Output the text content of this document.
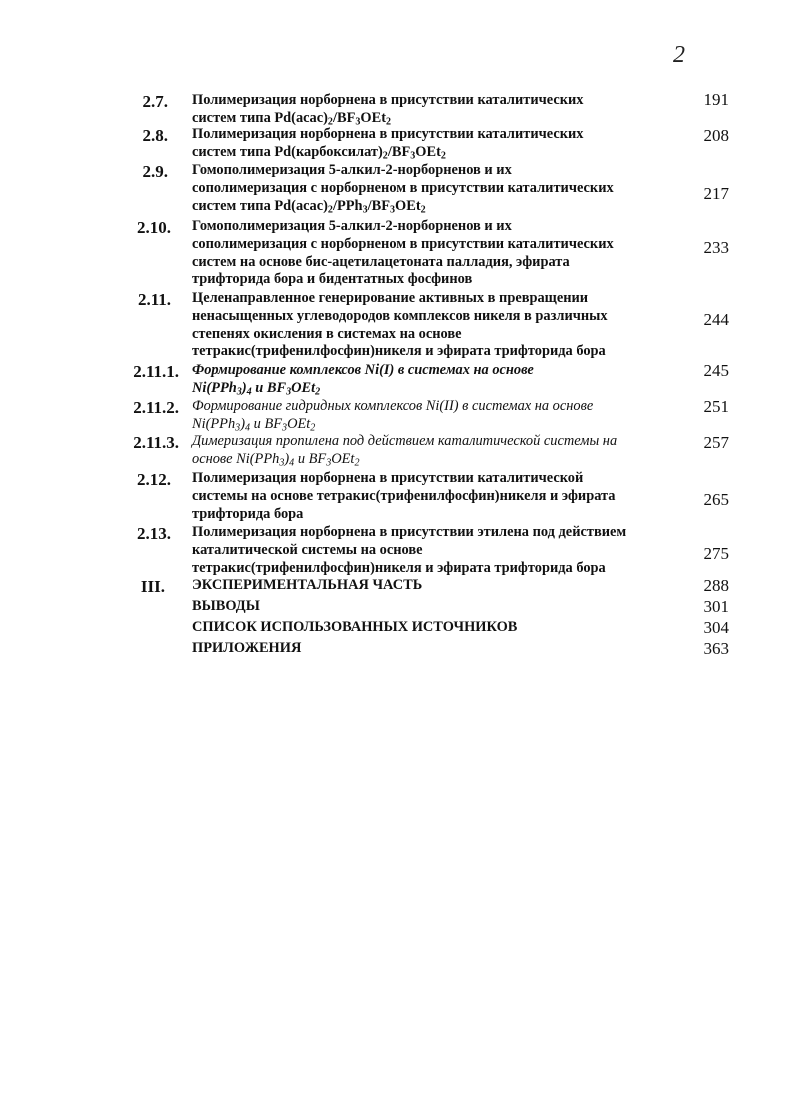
2
2.7. Полимеризация норборнена в присутствии каталитических
систем типа $Pd(acac)_2/BF_3OEt_2$
191
2.8. Полимеризация норборнена в присутствии каталитических
систем типа $Pd(карбоксилат)_2/BF_3OEt_2$
208
2.9. Гомополимеризация 5-алкил-2-норборненов и их
сополимеризация с норборненом в присутствии каталитических
систем типа $Pd(acac)_2/PPh_3/BF_3OEt_2$
217
2.10. Гомополимеризация 5-алкил-2-норборненов и их
сополимеризация с норборненом в присутствии каталитических
систем на основе бис-ацетилацетоната палладия, эфирата
трифторида бора и бидентатных фосфинов
233
2.11. Целенаправленное генерирование активных в превращении
ненасыщенных углеводородов комплексов никеля в различных
степенях окисления в системах на основе
тетракис(трифенилфосфин)никеля и эфирата трифторида бора
244
2.11.1. Формирование комплексов Ni(I) в системах на основе
$Ni(PPh_3)_4$ и $BF_3OEt_2$
245
2.11.2. Формирование гидридных комплексов Ni(II) в системах на основе
$Ni(PPh_3)_4$ и $BF_3OEt_2$
251
2.11.3. Димеризация пропилена под действием каталитической системы на
основе $Ni(PPh_3)_4$ и $BF_3OEt_2$
257
2.12. Полимеризация норборнена в присутствии каталитической
системы на основе тетракис(трифенилфосфин)никеля и эфирата
трифторида бора
265
2.13. Полимеризация норборнена в присутствии этилена под действием
каталитической системы на основе
тетракис(трифенилфосфин)никеля и эфирата трифторида бора
275
III. ЭКСПЕРИМЕНТАЛЬНАЯ ЧАСТЬ	288
ВЫВОДЫ	301
СПИСОК ИСПОЛЬЗОВАННЫХ ИСТОЧНИКОВ	304
ПРИЛОЖЕНИЯ	363
